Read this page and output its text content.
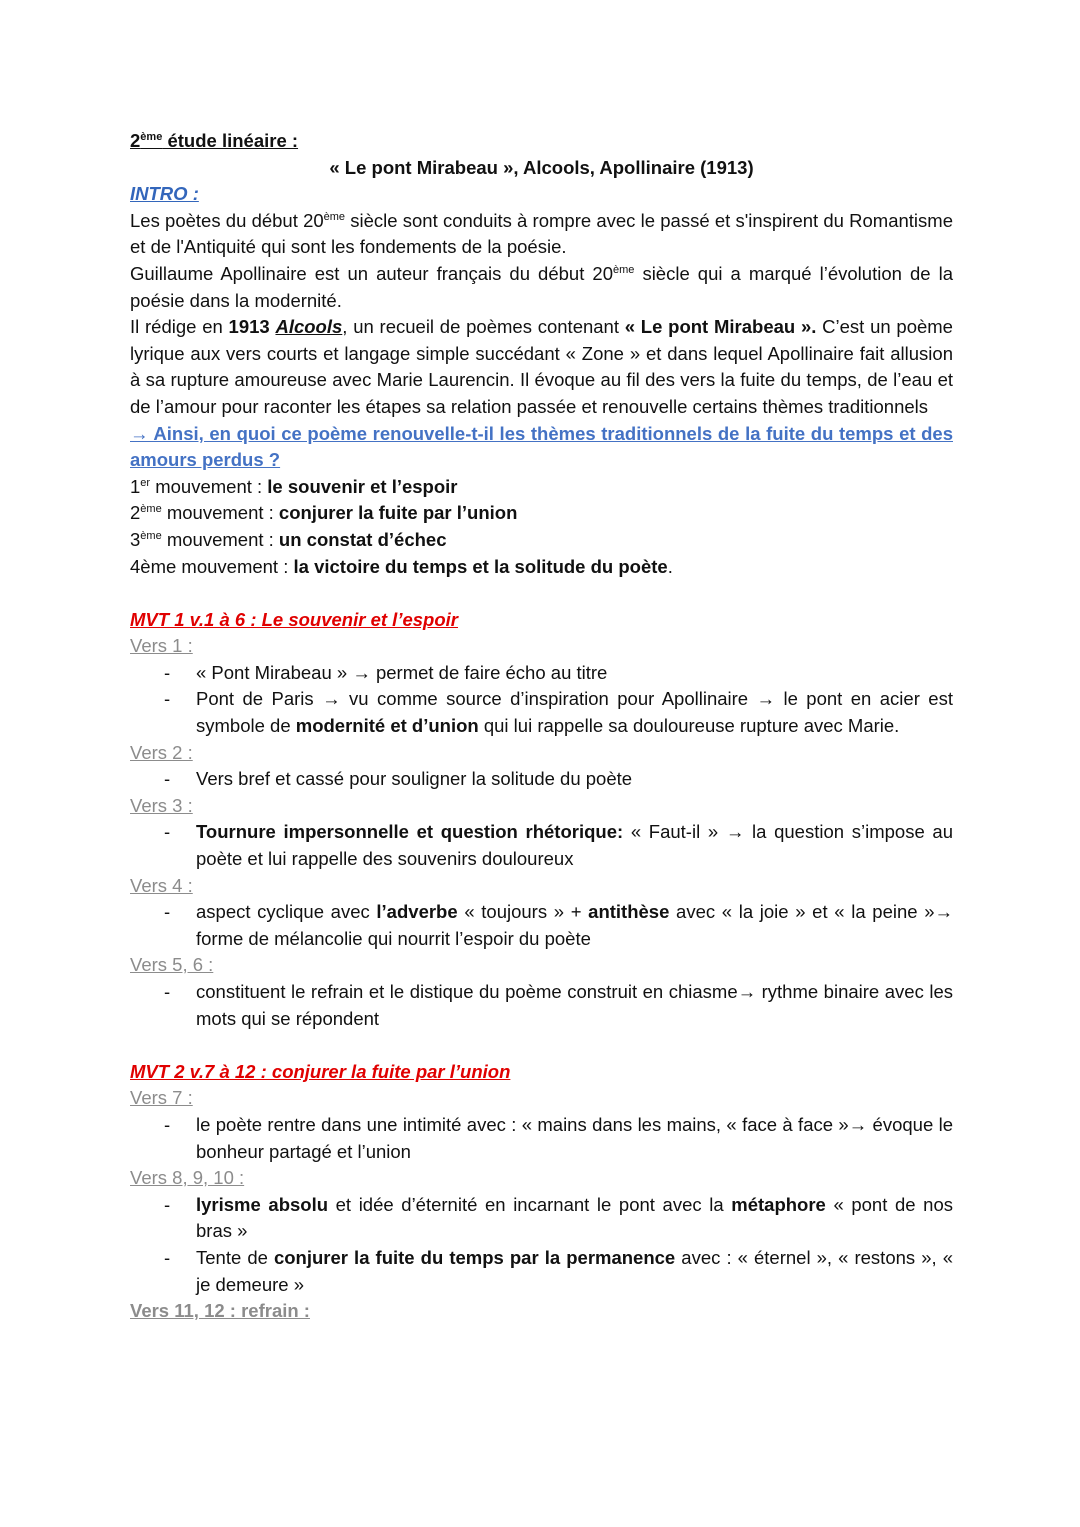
2ème étude linéaire :
« Le pont Mirabeau », Alcools, Apollinaire (1913)
INTRO :
Les poètes du début 20ème siècle sont conduits à rompre avec le passé et s'inspirent du Romantisme et de l'Antiquité qui sont les fondements de la poésie.
Guillaume Apollinaire est un auteur français du début 20ème siècle qui a marqué l’évolution de la poésie dans la modernité.
Il rédige en 1913 Alcools, un recueil de poèmes contenant « Le pont Mirabeau ». C’est un poème lyrique aux vers courts et langage simple succédant « Zone » et dans lequel Apollinaire fait allusion à sa rupture amoureuse avec Marie Laurencin. Il évoque au fil des vers la fuite du temps, de l’eau et de l’amour pour raconter les étapes sa relation passée et renouvelle certains thèmes traditionnels
→ Ainsi, en quoi ce poème renouvelle-t-il les thèmes traditionnels de la fuite du temps et des amours perdus ?
1er mouvement : le souvenir et l’espoir
2ème mouvement : conjurer la fuite par l’union
3ème mouvement : un constat d’échec
4ème mouvement : la victoire du temps et la solitude du poète.
MVT 1 v.1 à 6 : Le souvenir et l’espoir
Vers 1 :
- « Pont Mirabeau » → permet de faire écho au titre
- Pont de Paris → vu comme source d’inspiration pour Apollinaire → le pont en acier est symbole de modernité et d’union qui lui rappelle sa douloureuse rupture avec Marie.
Vers 2 :
- Vers bref et cassé pour souligner la solitude du poète
Vers 3 :
- Tournure impersonnelle et question rhétorique: « Faut-il » → la question s’impose au poète et lui rappelle des souvenirs douloureux
Vers 4 :
- aspect cyclique avec l’adverbe « toujours » + antithèse avec « la joie » et « la peine »→ forme de mélancolie qui nourrit l’espoir du poète
Vers 5, 6 :
- constituent le refrain et le distique du poème construit en chiasme→ rythme binaire avec les mots qui se répondent
MVT 2 v.7 à 12 : conjurer la fuite par l’union
Vers 7 :
- le poète rentre dans une intimité avec : « mains dans les mains, « face à face »→ évoque le bonheur partagé et l’union
Vers 8, 9, 10 :
- lyrisme absolu et idée d’éternité en incarnant le pont avec la métaphore « pont de nos bras »
- Tente de conjurer la fuite du temps par la permanence avec : « éternel », « restons », « je demeure »
Vers 11, 12 : refrain :
